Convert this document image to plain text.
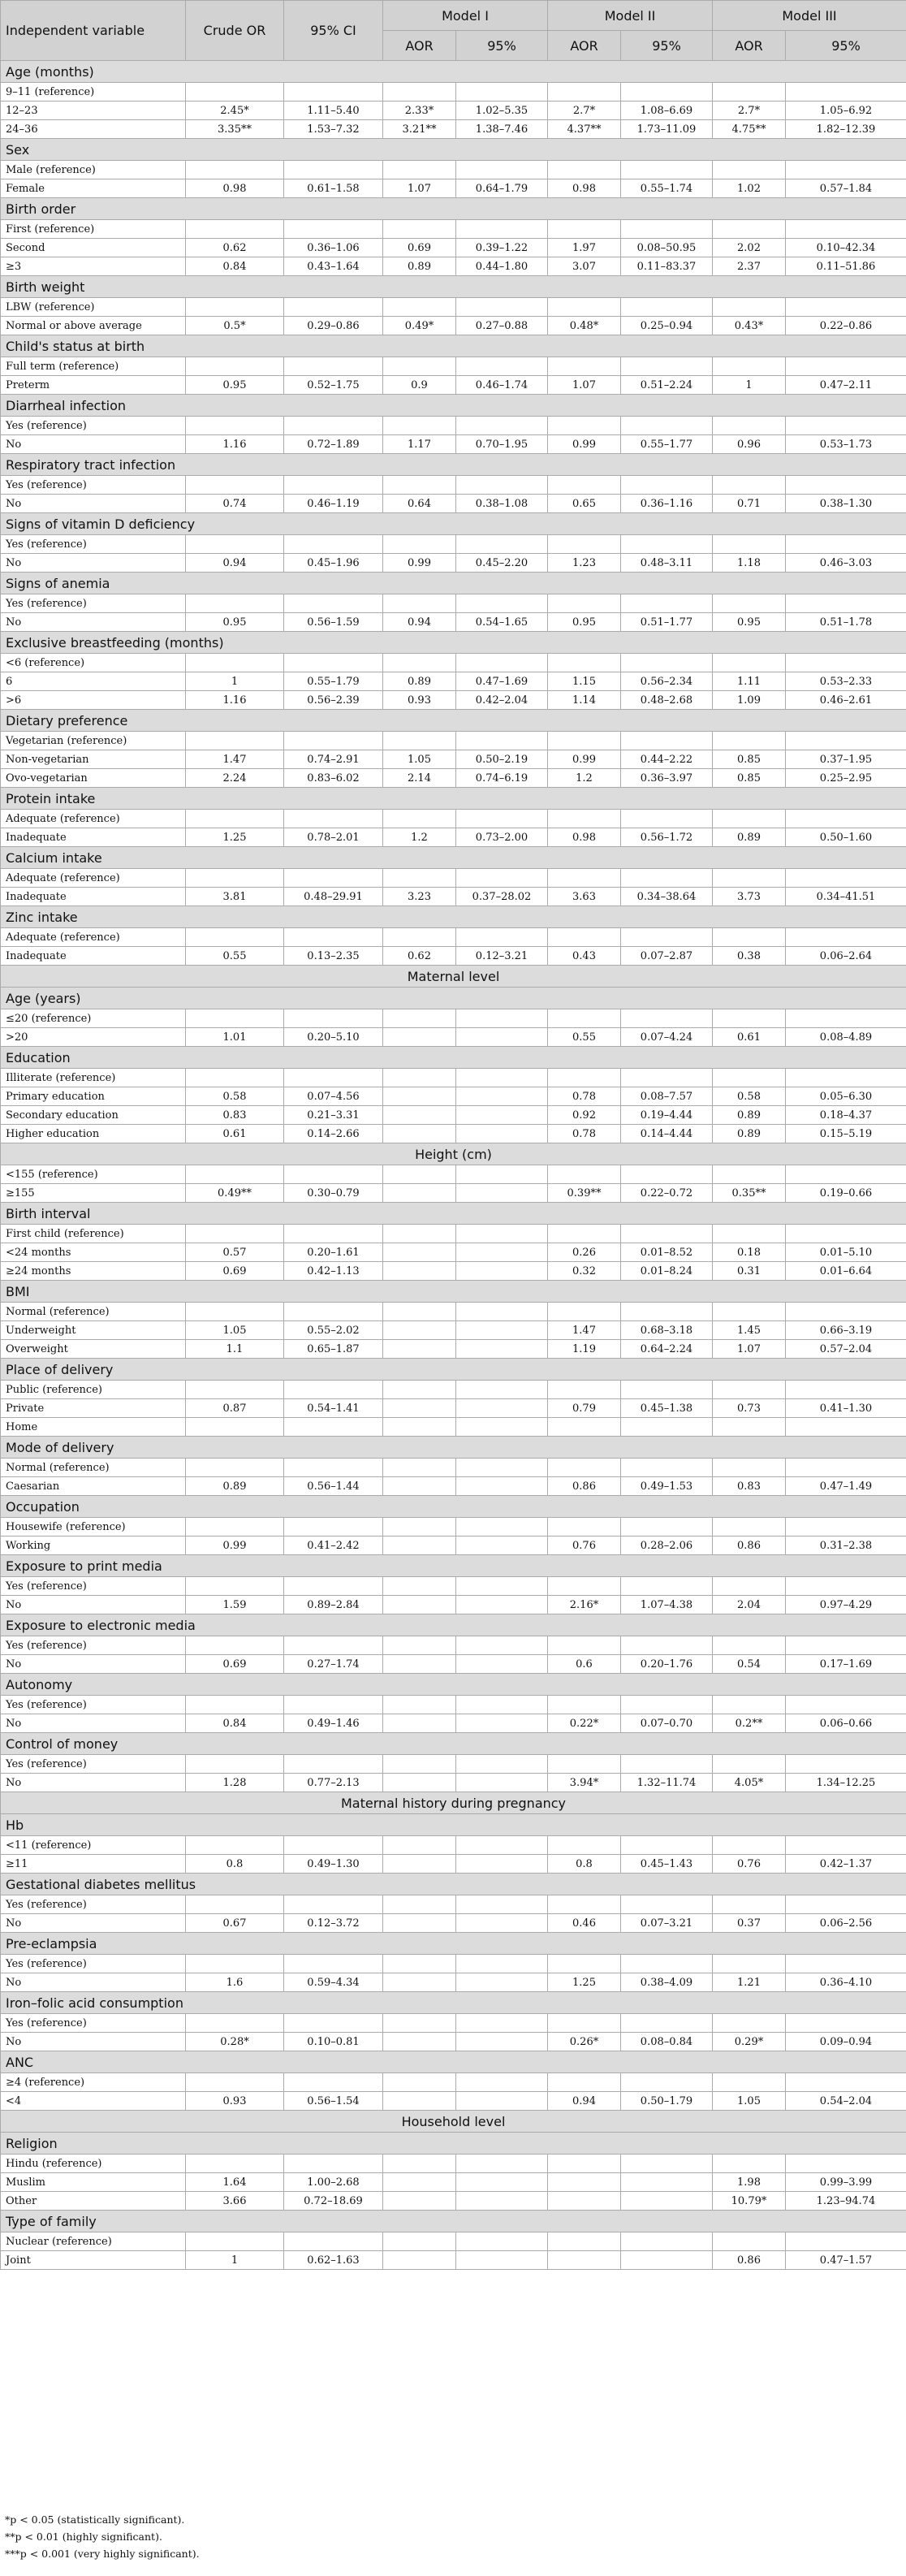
Independent variable	Crude OR	95% CI	Model I		Model II		Model III	
			AOR	95%	AOR	95%	AOR	95%
Age (months)								
9–11 (reference)								
12–23	2.45*	1.11–5.40	2.33*	1.02–5.35	2.7*	1.08–6.69	2.7*	1.05–6.92
24–36	3.35**	1.53–7.32	3.21**	1.38–7.46	4.37**	1.73–11.09	4.75**	1.82–12.39
Sex								
Male (reference)								
Female	0.98	0.61–1.58	1.07	0.64–1.79	0.98	0.55–1.74	1.02	0.57–1.84
Birth order								
First (reference)								
Second	0.62	0.36–1.06	0.69	0.39–1.22	1.97	0.08–50.95	2.02	0.10–42.34
≥3	0.84	0.43–1.64	0.89	0.44–1.80	3.07	0.11–83.37	2.37	0.11–51.86
Birth weight								
LBW (reference)								
Normal or above average	0.5*	0.29–0.86	0.49*	0.27–0.88	0.48*	0.25–0.94	0.43*	0.22–0.86
Child's status at birth								
Full term (reference)								
Preterm	0.95	0.52–1.75	0.9	0.46–1.74	1.07	0.51–2.24	1	0.47–2.11
Diarrheal infection								
Yes (reference)								
No	1.16	0.72–1.89	1.17	0.70–1.95	0.99	0.55–1.77	0.96	0.53–1.73
Respiratory tract infection								
Yes (reference)								
No	0.74	0.46–1.19	0.64	0.38–1.08	0.65	0.36–1.16	0.71	0.38–1.30
Signs of vitamin D deficiency								
Yes (reference)								
No	0.94	0.45–1.96	0.99	0.45–2.20	1.23	0.48–3.11	1.18	0.46–3.03
Signs of anemia								
Yes (reference)								
No	0.95	0.56–1.59	0.94	0.54–1.65	0.95	0.51–1.77	0.95	0.51–1.78
Exclusive breastfeeding (months)								
<6 (reference)								
6	1	0.55–1.79	0.89	0.47–1.69	1.15	0.56–2.34	1.11	0.53–2.33
>6	1.16	0.56–2.39	0.93	0.42–2.04	1.14	0.48–2.68	1.09	0.46–2.61
Dietary preference								
Vegetarian (reference)								
Non-vegetarian	1.47	0.74–2.91	1.05	0.50–2.19	0.99	0.44–2.22	0.85	0.37–1.95
Ovo-vegetarian	2.24	0.83–6.02	2.14	0.74–6.19	1.2	0.36–3.97	0.85	0.25–2.95
Protein intake								
Adequate (reference)								
Inadequate	1.25	0.78–2.01	1.2	0.73–2.00	0.98	0.56–1.72	0.89	0.50–1.60
Calcium intake								
Adequate (reference)								
Inadequate	3.81	0.48–29.91	3.23	0.37–28.02	3.63	0.34–38.64	3.73	0.34–41.51
Zinc intake								
Adequate (reference)								
Inadequate	0.55	0.13–2.35	0.62	0.12–3.21	0.43	0.07–2.87	0.38	0.06–2.64
Maternal level								
Age (years)								
≤20 (reference)								
>20	1.01	0.20–5.10			0.55	0.07–4.24	0.61	0.08–4.89
Education								
Illiterate (reference)								
Primary education	0.58	0.07–4.56			0.78	0.08–7.57	0.58	0.05–6.30
Secondary education	0.83	0.21–3.31			0.92	0.19–4.44	0.89	0.18–4.37
Higher education	0.61	0.14–2.66			0.78	0.14–4.44	0.89	0.15–5.19
Height (cm)								
<155 (reference)								
≥155	0.49**	0.30–0.79			0.39**	0.22–0.72	0.35**	0.19–0.66
Birth interval								
First child (reference)								
<24 months	0.57	0.20–1.61			0.26	0.01–8.52	0.18	0.01–5.10
≥24 months	0.69	0.42–1.13			0.32	0.01–8.24	0.31	0.01–6.64
BMI								
Normal (reference)								
Underweight	1.05	0.55–2.02			1.47	0.68–3.18	1.45	0.66–3.19
Overweight	1.1	0.65–1.87			1.19	0.64–2.24	1.07	0.57–2.04
Place of delivery								
Public (reference)								
Private	0.87	0.54–1.41			0.79	0.45–1.38	0.73	0.41–1.30
Home								
Mode of delivery								
Normal (reference)								
Caesarian	0.89	0.56–1.44			0.86	0.49–1.53	0.83	0.47–1.49
Occupation								
Housewife (reference)								
Working	0.99	0.41–2.42			0.76	0.28–2.06	0.86	0.31–2.38
Exposure to print media								
Yes (reference)								
No	1.59	0.89–2.84			2.16*	1.07–4.38	2.04	0.97–4.29
Exposure to electronic media								
Yes (reference)								
No	0.69	0.27–1.74			0.6	0.20–1.76	0.54	0.17–1.69
Autonomy								
Yes (reference)								
No	0.84	0.49–1.46			0.22*	0.07–0.70	0.2**	0.06–0.66
Control of money								
Yes (reference)								
No	1.28	0.77–2.13			3.94*	1.32–11.74	4.05*	1.34–12.25
Maternal history during pregnancy								
Hb								
<11 (reference)								
≥11	0.8	0.49–1.30			0.8	0.45–1.43	0.76	0.42–1.37
Gestational diabetes mellitus								
Yes (reference)								
No	0.67	0.12–3.72			0.46	0.07–3.21	0.37	0.06–2.56
Pre-eclampsia								
Yes (reference)								
No	1.6	0.59–4.34			1.25	0.38–4.09	1.21	0.36–4.10
Iron–folic acid consumption								
Yes (reference)								
No	0.28*	0.10–0.81			0.26*	0.08–0.84	0.29*	0.09–0.94
ANC								
≥4 (reference)								
<4	0.93	0.56–1.54			0.94	0.50–1.79	1.05	0.54–2.04
Household level								
Religion								
Hindu (reference)								
Muslim	1.64	1.00–2.68					1.98	0.99–3.99
Other	3.66	0.72–18.69					10.79*	1.23–94.74
Type of family								
Nuclear (reference)								
Joint	1	0.62–1.63					0.86	0.47–1.57
*p < 0.05 (statistically significant).
**p < 0.01 (highly significant).
***p < 0.001 (very highly significant).
